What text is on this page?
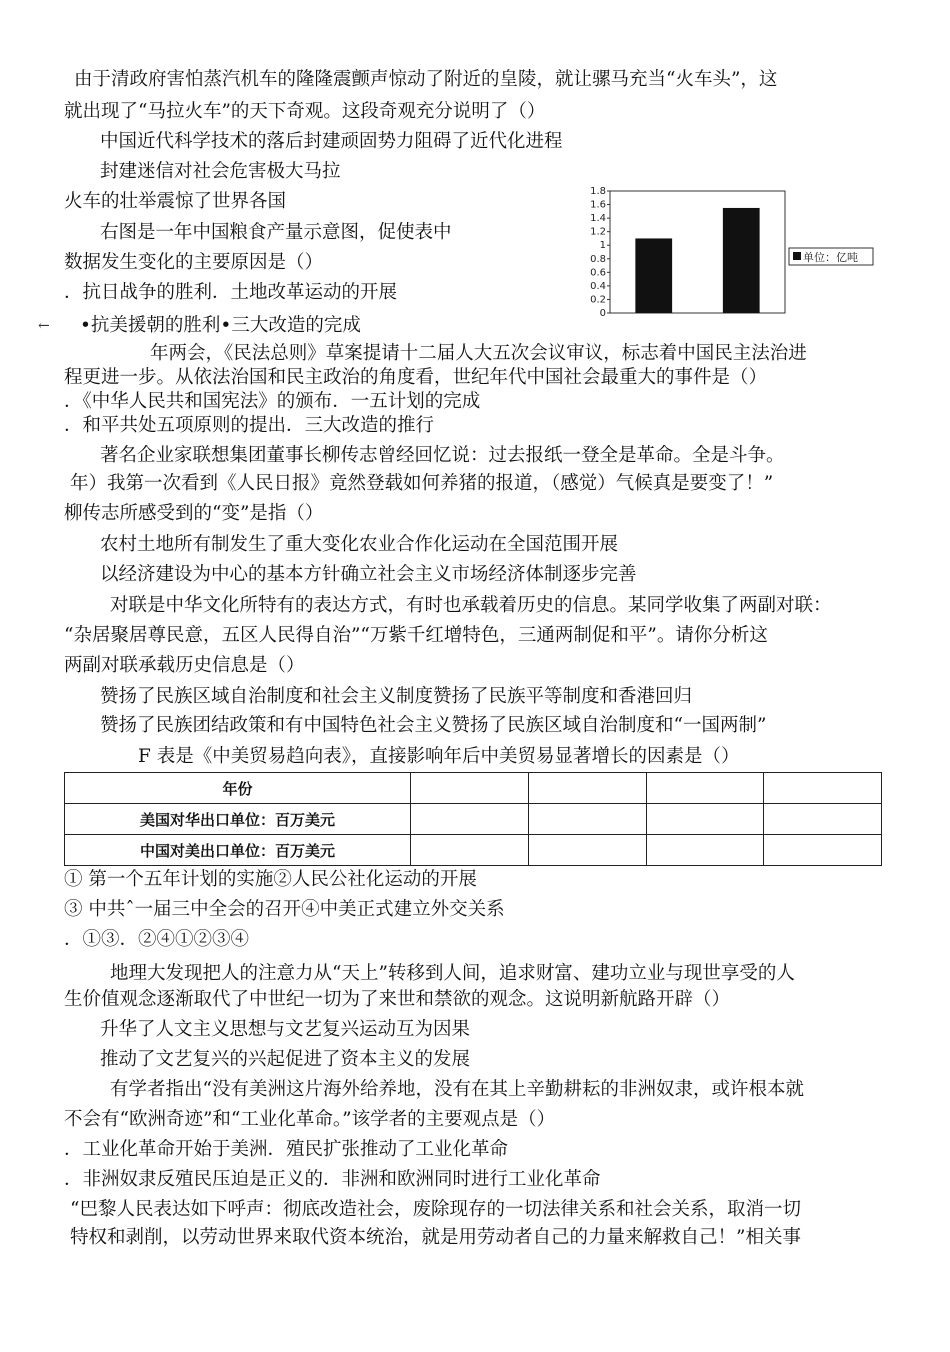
由于清政府害怕蒸汽机车的隆隆震颤声惊动了附近的皇陵，就让骡马充当“火车头”，这
就出现了“马拉火车”的天下奇观。这段奇观充分说明了（）
中国近代科学技术的落后封建顽固势力阻碍了近代化进程
封建迷信对社会危害极大马拉
火车的壮举震惊了世界各国
0
0.2
0.4
0.6
0.8
1
1.2
1.4
1.6
1.8
单位：亿吨
右图是一年中国粮食产量示意图，促使表中
数据发生变化的主要原因是（）
．抗日战争的胜利．土地改革运动的开展
← •抗美援朝的胜利•三大改造的完成
年两会，《民法总则》草案提请十二届人大五次会议审议，标志着中国民主法治进
程更进一步。从依法治国和民主政治的角度看，世纪年代中国社会最重大的事件是（）
．《中华人民共和国宪法》的颁布．一五计划的完成
．和平共处五项原则的提出．三大改造的推行
著名企业家联想集团董事长柳传志曾经回忆说：过去报纸一登全是革命。全是斗争。
年）我第一次看到《人民日报》竟然登载如何养猪的报道，（感觉）气候真是要变了！”
柳传志所感受到的“变”是指（）
农村土地所有制发生了重大变化农业合作化运动在全国范围开展
以经济建设为中心的基本方针确立社会主义市场经济体制逐步完善
对联是中华文化所特有的表达方式，有时也承载着历史的信息。某同学收集了两副对联：
“杂居聚居尊民意，五区人民得自治”“万紫千红增特色，三通两制促和平”。请你分析这
两副对联承载历史信息是（）
赞扬了民族区域自治制度和社会主义制度赞扬了民族平等制度和香港回归
赞扬了民族团结政策和有中国特色社会主义赞扬了民族区域自治制度和“一国两制”
F 表是《中美贸易趋向表》，直接影响年后中美贸易显著增长的因素是（）
年份				
美国对华出口单位：百万美元				
中国对美出口单位：百万美元				
① 第一个五年计划的实施②人民公社化运动的开展
③ 中共ˆ一届三中全会的召开④中美正式建立外交关系
．①③．②④①②③④
地理大发现把人的注意力从“天上”转移到人间，追求财富、建功立业与现世享受的人
生价值观念逐渐取代了中世纪一切为了来世和禁欲的观念。这说明新航路开辟（）
升华了人文主义思想与文艺复兴运动互为因果
推动了文艺复兴的兴起促进了资本主义的发展
有学者指出“没有美洲这片海外给养地，没有在其上辛勤耕耘的非洲奴隶，或许根本就
不会有“欧洲奇迹”和“工业化革命。”该学者的主要观点是（）
．工业化革命开始于美洲．殖民扩张推动了工业化革命
．非洲奴隶反殖民压迫是正义的．非洲和欧洲同时进行工业化革命
“巴黎人民表达如下呼声：彻底改造社会，废除现存的一切法律关系和社会关系，取消一切
特权和剥削，以劳动世界来取代资本统治，就是用劳动者自己的力量来解救自己！”相关事
